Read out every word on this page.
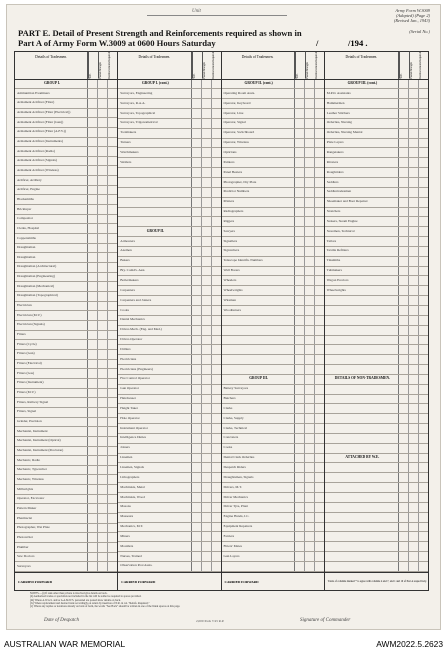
Unit	Army Form W.3009
(Adapted) (Page 2)
(Revised Jan., 1943)
(Serial No.)
PART E. Detail of Present Strength and Reinforcements required as shown in
Part A of Army Form W.3009 at 0600 Hours Saturday	/	/194 .
Details of Tradesmen.
W.E.	Posted Strength	Reinforcements Required
GROUP I.
Ammunition Examiners
Armament Artificer (Fitter)
Armament Artificer (Fitter (Electrical))
Armament Artificer (Fitter (Gun))
Armament Artificer (Fitter (A.F.V.))
Armament Artificer (Instruments)
Armament Artificer (Radio)
Armament Artificer (Signals)
Armament Artificer (Wireless)
Artificer, Artillery
Artificer, Engine
Blacksmiths
Bricklayer
Compositor
Clerks, Hospital
Coppersmiths
Draughtsman
Draughtsman
Draughtsman (Architectural)
Draughtsman (Engineering)
Draughtsman (Mechanical)
Draughtsman (Topographical)
Electrician
Electrician (M.V.)
Electrician (Signals)
Fitters
Fitters (Cycle)
Fitters (Gun)
Fitters (Electrical)
Fitters (Gas)
Fitters (Instrument)
Fitters (M.V.)
Fitters, Railway Signal
Fitters, Signal
Grinder, Precision
Mechanist, Instrument
Mechanist, Instrument (Optical)
Mechanist, Instrument (Precision)
Mechanic, Radio
Mechanic, Typewriter
Mechanic, Wireless
Millwrights
Operator, Excavator
Pattern Maker
Pharmacist
Photographer, Wet Plate
Photowriter
Plumber
Saw Doctors
Surveyors
Details of Tradesmen.
W.E.	Posted Strength	Reinforcements Required
GROUP I. (cont.)
Surveyors, Engineering
Surveyors, R.A.A.
Surveyors, Topographical
Surveyors, Trigonometrical
Toolmakers
Turners
Watchmakers
Welders
GROUP II.
Armourers
Axemen
Bakers
Bty. Comd's. Asst.
Boilermakers
Carpenters
Carpenters and Joiners
Cooks
Dental Mechanics
Driver-Mech. (Eng. and Med.)
Driver-Operator
Drillers
Electricians
Electricians (Engineers)
Fire Control Operator
Gun Operator
Hairdresser
Height Taker
Hole Operator
Instrument Operator
Intelligence Duties
Joiners
Linemen
Linemen, Signals
Lithographers
Machinists, Metal
Machinists, Wood
Masons
Masseurs
Mechanics, M.T.
Miners
Moulders
Nurses, Trained
Observation Post Assts.
Details of Tradesmen.
W.E.	Posted Strength	Reinforcements Required
GROUP II. (cont.)
Operating Room Assts.
Operator, Keyboard
Operator, Line
Operator, Signal
Operator, Switchboard
Operator, Wireless
Opticians
Painters
Panel Beaters
Photographer, Dry Plate
Predictor Numbers
Printers
Radiographers
Riggers
Sawyers
Signallers
Signwriters
Telescope Identifn. Numbers
Wall Borers
Wheelers
Wheelwrights
Wiremen
Woodturners
GROUP III.
Battery Surveyors
Butchers
Clerks
Clerks, Supply
Clerks, Technical
Concreters
Cooks
Dental Clerk Orderlies
Despatch Riders
Draughtsmen, Signals
Drivers, M.T.
Driver Mechanics
Driver Tyre, Plant
Engine Hands, I.C.
Equipment Repairers
Farriers
Fitters' Mates
Gun Layers
Details of Tradesmen.
W.E.	Posted Strength	Reinforcements Required
GROUP III. (cont.)
M.P.O. Assistants
Hammermen
Leather Stitchers
Orderlies, Nursing
Orderlies, Nursing Mental
Plate Layers
Rangetakers
Riveters
Roughriders
Saddlers
Saddlertradesmen
Shoemaker and Boot Repairer
Stretchers
Stokers, Steam Engine
Storemen, Technical
Tailors
Textile Refitters
Tinsmiths
Tubmakers
Wagon Erectors
Wheelwrights
DETAILS OF NON-TRADESMEN.
ATTACHED BY W.E.
CARRIED FORWARD	CARRIED FORWARD	CARRIED FORWARD	Totals of columns marked * to agree with columns 4 and 7, and 1 and 10 of Part A respectively.
NOTES.—(i) If rank other than private is involved give details on back.
(ii) Authorized trades or specialists not included in the list will be added as required in spaces provided.
(iii) Where A.W.A.S. and/or A.A.M.W.S. personnel are posted show details on back.
(iv) Where replacement and desired trade accordingly on return by insertion of N.R. in col. "Reinfs. Required."
(v) Where any replies or notations already on back of form, the words "See Back" should be written in one of the blank spaces on this page.
Date of Despatch	2,000 Pads 7/43 R.P.	Signature of Commander
AUSTRALIAN WAR MEMORIAL	AWM2022.5.2623
